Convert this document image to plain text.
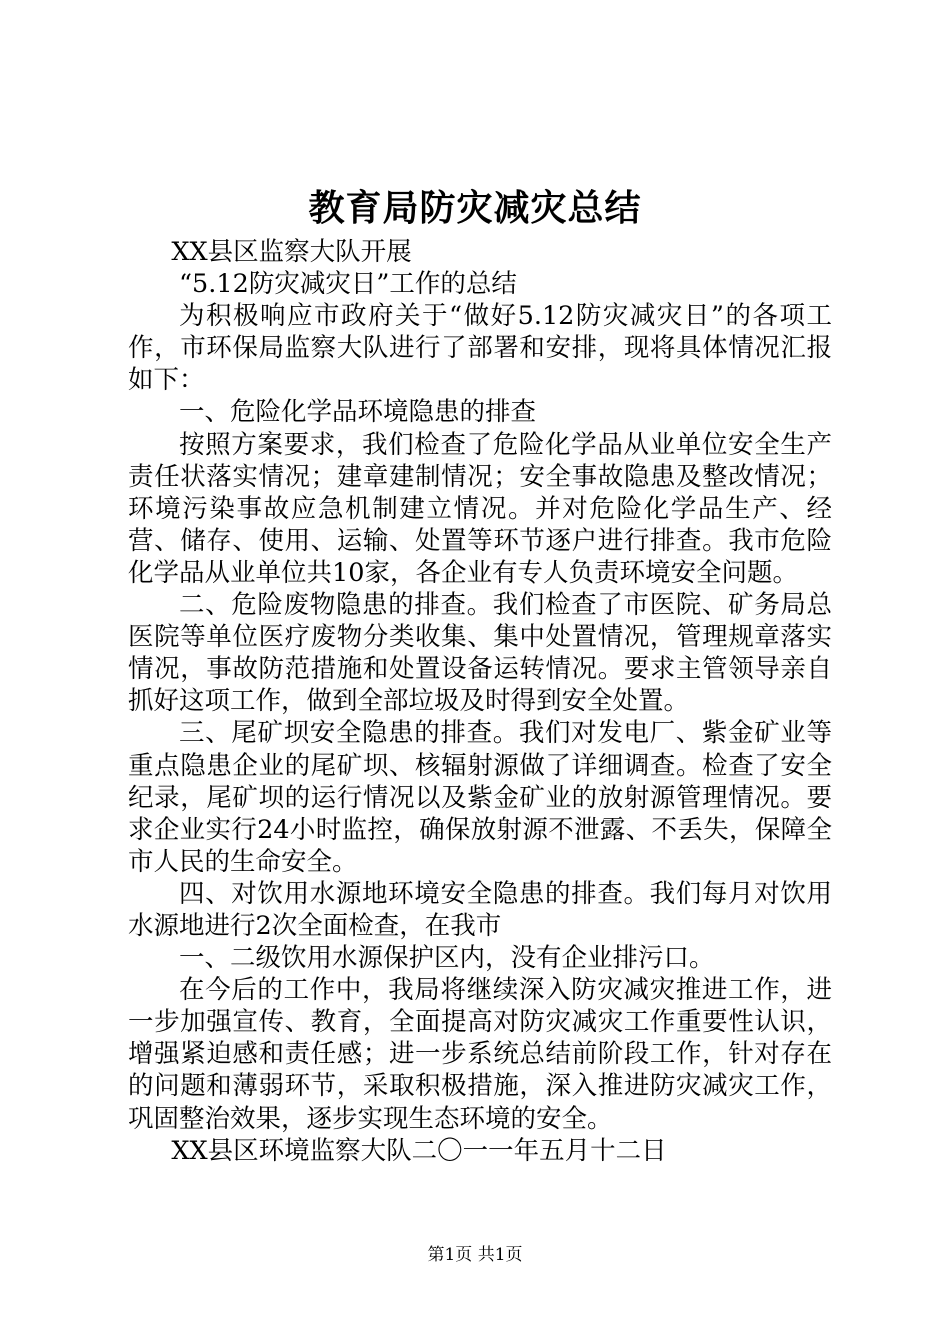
教育局防灾减灾总结

XX县区监察大队开展

“5.12防灾减灾日”工作的总结

为积极响应市政府关于“做好5.12防灾减灾日”的各项工作，市环保局监察大队进行了部署和安排，现将具体情况汇报如下：

一、危险化学品环境隐患的排查

按照方案要求，我们检查了危险化学品从业单位安全生产责任状落实情况；建章建制情况；安全事故隐患及整改情况；环境污染事故应急机制建立情况。并对危险化学品生产、经营、储存、使用、运输、处置等环节逐户进行排查。我市危险化学品从业单位共10家，各企业有专人负责环境安全问题。

二、危险废物隐患的排查。我们检查了市医院、矿务局总医院等单位医疗废物分类收集、集中处置情况，管理规章落实情况，事故防范措施和处置设备运转情况。要求主管领导亲自抓好这项工作，做到全部垃圾及时得到安全处置。

三、尾矿坝安全隐患的排查。我们对发电厂、紫金矿业等重点隐患企业的尾矿坝、核辐射源做了详细调查。检查了安全纪录，尾矿坝的运行情况以及紫金矿业的放射源管理情况。要求企业实行24小时监控，确保放射源不泄露、不丢失，保障全市人民的生命安全。

四、对饮用水源地环境安全隐患的排查。我们每月对饮用水源地进行2次全面检查，在我市

一、二级饮用水源保护区内，没有企业排污口。

在今后的工作中，我局将继续深入防灾减灾推进工作，进一步加强宣传、教育，全面提高对防灾减灾工作重要性认识，增强紧迫感和责任感；进一步系统总结前阶段工作，针对存在的问题和薄弱环节，采取积极措施，深入推进防灾减灾工作，巩固整治效果，逐步实现生态环境的安全。

XX县区环境监察大队二〇一一年五月十二日

第1页 共1页
